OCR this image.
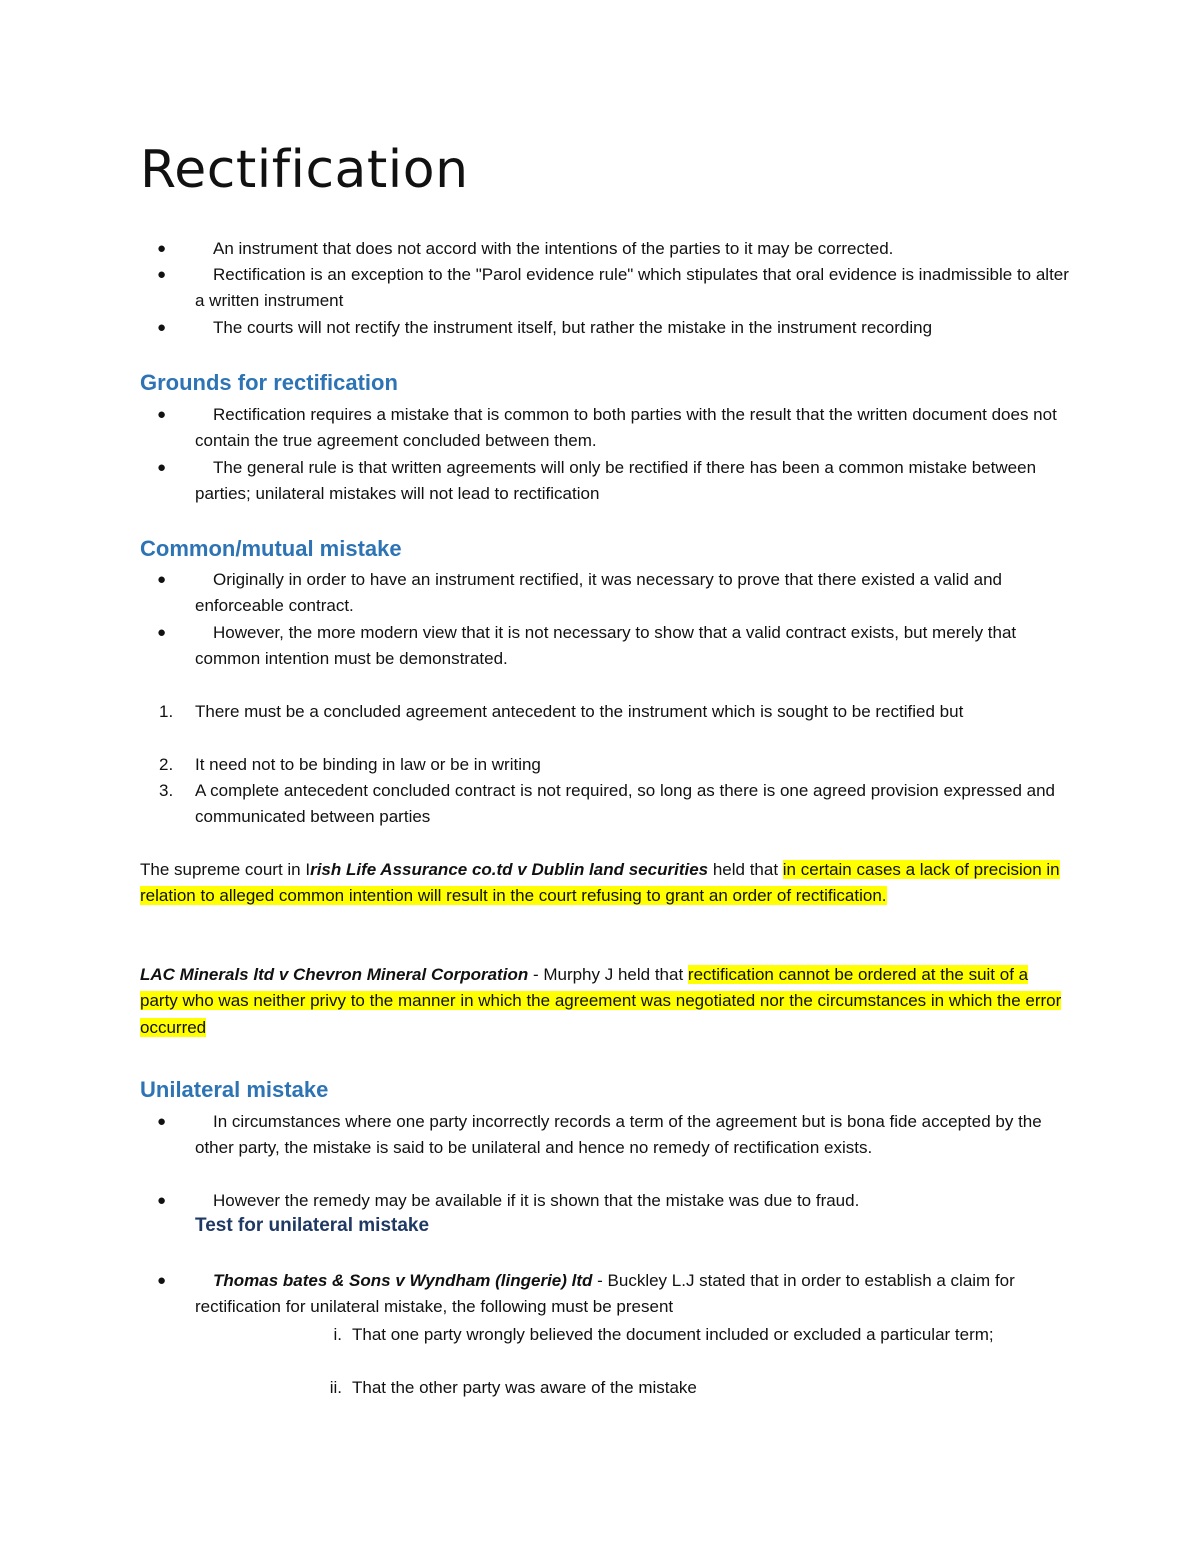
Rectification
●	An instrument that does not accord with the intentions of the parties to it may be corrected.
●	Rectification is an exception to the "Parol evidence rule" which stipulates that oral evidence is inadmissible to alter a written instrument
●	The courts will not rectify the instrument itself, but rather the mistake in the instrument recording
Grounds for rectification
●	Rectification requires a mistake that is common to both parties with the result that the written document does not contain the true agreement concluded between them.
●	The general rule is that written agreements will only be rectified if there has been a common mistake between parties; unilateral mistakes will not lead to rectification
Common/mutual mistake
●	Originally in order to have an instrument rectified, it was necessary to prove that there existed a valid and enforceable contract.
●	However, the more modern view that it is not necessary to show that a valid contract exists, but merely that common intention must be demonstrated.
1. There must be a concluded agreement antecedent to the instrument which is sought to be rectified but
2. It need not to be binding in law or be in writing
3. A complete antecedent concluded contract is not required, so long as there is one agreed provision expressed and communicated between parties
The supreme court in Irish Life Assurance co.td v Dublin land securities held that in certain cases a lack of precision in relation to alleged common intention will result in the court refusing to grant an order of rectification.
LAC Minerals ltd v Chevron Mineral Corporation - Murphy J held that rectification cannot be ordered at the suit of a party who was neither privy to the manner in which the agreement was negotiated nor the circumstances in which the error occurred
Unilateral mistake
●	In circumstances where one party incorrectly records a term of the agreement but is bona fide accepted by the other party, the mistake is said to be unilateral and hence no remedy of rectification exists.
●	However the remedy may be available if it is shown that the mistake was due to fraud.
Test for unilateral mistake
●	Thomas bates & Sons v Wyndham (lingerie) ltd - Buckley L.J stated that in order to establish a claim for rectification for unilateral mistake, the following must be present
i. That one party wrongly believed the document included or excluded a particular term;
ii. That the other party was aware of the mistake
